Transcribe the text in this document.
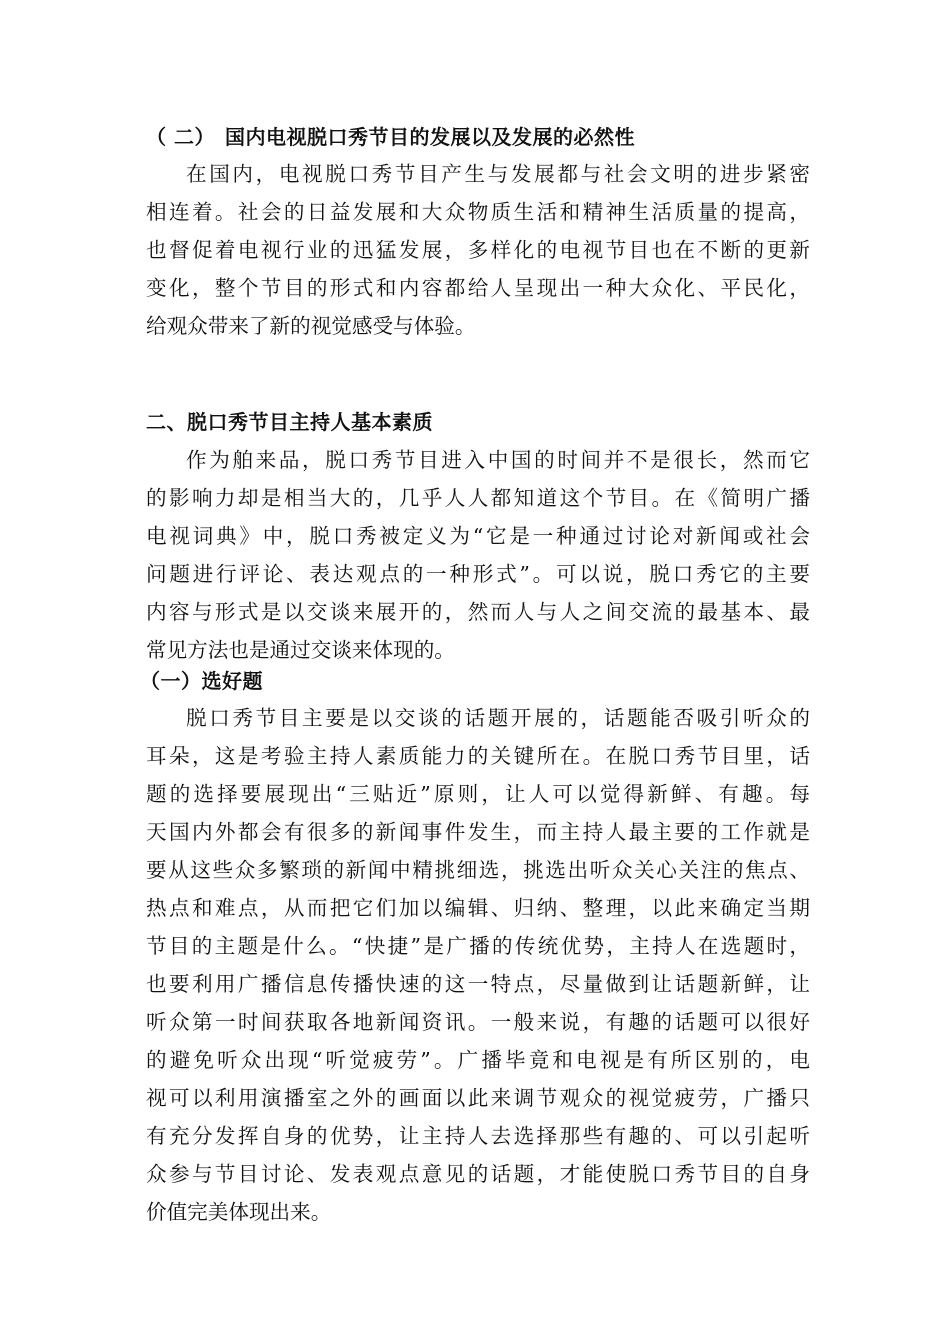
（ 二） 国内电视脱口秀节目的发展以及发展的必然性
在国内，电视脱口秀节目产生与发展都与社会文明的进步紧密
相连着。社会的日益发展和大众物质生活和精神生活质量的提高，
也督促着电视行业的迅猛发展，多样化的电视节目也在不断的更新
变化，整个节目的形式和内容都给人呈现出一种大众化、平民化，
给观众带来了新的视觉感受与体验。
二、脱口秀节目主持人基本素质
作为舶来品，脱口秀节目进入中国的时间并不是很长，然而它
的影响力却是相当大的，几乎人人都知道这个节目。在《简明广播
电视词典》中，脱口秀被定义为“它是一种通过讨论对新闻或社会
问题进行评论、表达观点的一种形式”。可以说，脱口秀它的主要
内容与形式是以交谈来展开的，然而人与人之间交流的最基本、最
常见方法也是通过交谈来体现的。
（一）选好题
脱口秀节目主要是以交谈的话题开展的，话题能否吸引听众的
耳朵，这是考验主持人素质能力的关键所在。在脱口秀节目里，话
题的选择要展现出“三贴近”原则，让人可以觉得新鲜、有趣。每
天国内外都会有很多的新闻事件发生，而主持人最主要的工作就是
要从这些众多繁琐的新闻中精挑细选，挑选出听众关心关注的焦点、
热点和难点，从而把它们加以编辑、归纳、整理，以此来确定当期
节目的主题是什么。“快捷”是广播的传统优势，主持人在选题时，
也要利用广播信息传播快速的这一特点，尽量做到让话题新鲜，让
听众第一时间获取各地新闻资讯。一般来说，有趣的话题可以很好
的避免听众出现“听觉疲劳”。广播毕竟和电视是有所区别的，电
视可以利用演播室之外的画面以此来调节观众的视觉疲劳，广播只
有充分发挥自身的优势，让主持人去选择那些有趣的、可以引起听
众参与节目讨论、发表观点意见的话题，才能使脱口秀节目的自身
价值完美体现出来。
